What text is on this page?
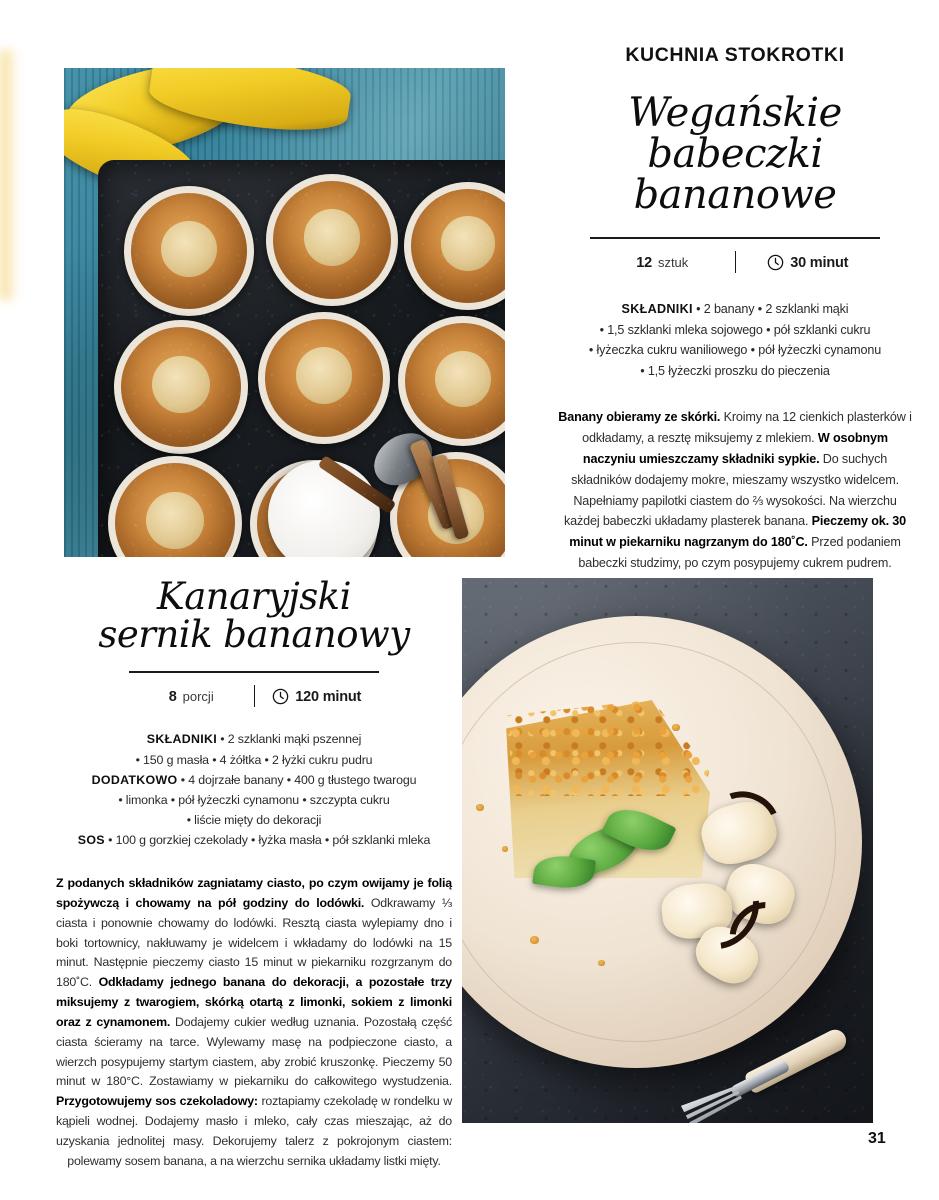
KUCHNIA STOKROTKI
Wegańskie
babeczki
bananowe
12 sztuk	30 minut
SKŁADNIKI • 2 banany • 2 szklanki mąki
• 1,5 szklanki mleka sojowego • pół szklanki cukru
• łyżeczka cukru waniliowego • pół łyżeczki cynamonu
• 1,5 łyżeczki proszku do pieczenia
Banany obieramy ze skórki. Kroimy na 12 cienkich plasterków i odkładamy, a resztę miksujemy z mlekiem. W osobnym naczyniu umieszczamy składniki sypkie. Do suchych składników dodajemy mokre, mieszamy wszystko widelcem. Napełniamy papilotki ciastem do ⅔ wysokości. Na wierzchu każdej babeczki układamy plasterek banana. Pieczemy ok. 30 minut w piekarniku nagrzanym do 180˚C. Przed podaniem babeczki studzimy, po czym posypujemy cukrem pudrem.
Kanaryjski
sernik bananowy
8 porcji	120 minut
SKŁADNIKI • 2 szklanki mąki pszennej
• 150 g masła • 4 żółtka • 2 łyżki cukru pudru
DODATKOWO • 4 dojrzałe banany • 400 g tłustego twarogu
• limonka • pół łyżeczki cynamonu • szczypta cukru
• liście mięty do dekoracji
SOS • 100 g gorzkiej czekolady • łyżka masła • pół szklanki mleka
Z podanych składników zagniatamy ciasto, po czym owijamy je folią spożywczą i chowamy na pół godziny do lodówki. Odkrawamy ⅓ ciasta i ponownie chowamy do lodówki. Resztą ciasta wylepiamy dno i boki tortownicy, nakłuwamy je widelcem i wkładamy do lodówki na 15 minut. Następnie pieczemy ciasto 15 minut w piekarniku rozgrzanym do 180˚C. Odkładamy jednego banana do dekoracji, a pozostałe trzy miksujemy z twarogiem, skórką otartą z limonki, sokiem z limonki oraz z cynamonem. Dodajemy cukier według uznania. Pozostałą część ciasta ścieramy na tarce. Wylewamy masę na podpieczone ciasto, a wierzch posypujemy startym ciastem, aby zrobić kruszonkę. Pieczemy 50 minut w 180°C. Zostawiamy w piekarniku do całkowitego wystudzenia. Przygotowujemy sos czekoladowy: roztapiamy czekoladę w rondelku w kąpieli wodnej. Dodajemy masło i mleko, cały czas mieszając, aż do uzyskania jednolitej masy. Dekorujemy talerz z pokrojonym ciastem: polewamy sosem banana, a na wierzchu sernika układamy listki mięty.
31
